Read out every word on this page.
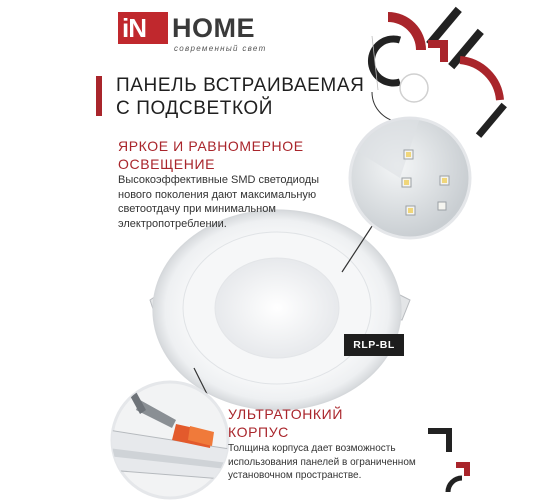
iN HOME
современный свет
ПАНЕЛЬ ВСТРАИВАЕМАЯ
С ПОДСВЕТКОЙ
ЯРКОЕ И РАВНОМЕРНОЕ
ОСВЕЩЕНИЕ

Высокоэффективные SMD светодиоды нового поколения дают максимальную светоотдачу при минимальном электропотреблении.

RLP-BL
УЛЬТРАТОНКИЙ
КОРПУС

Толщина корпуса дает возможность использования панелей в ограниченном установочном пространстве.
